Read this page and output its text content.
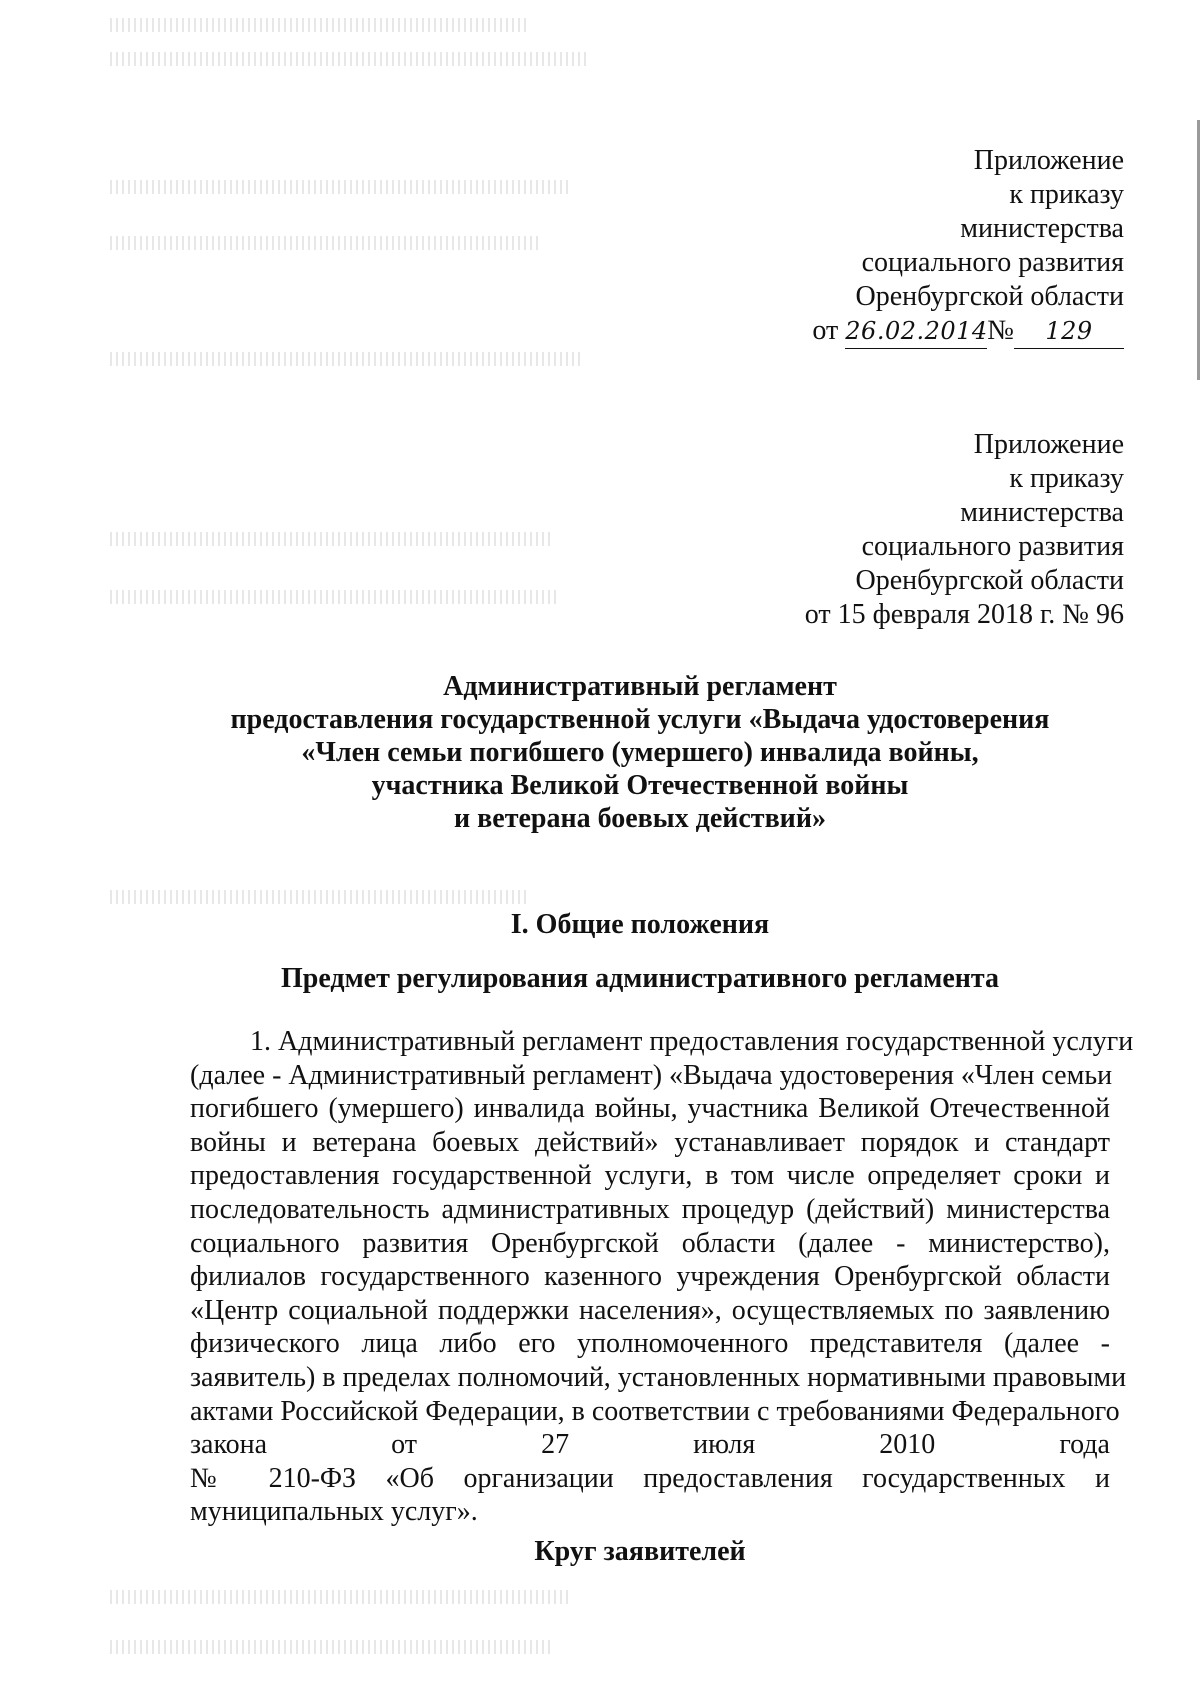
Приложение
к приказу
министерства
социального развития
Оренбургской области
от 26.02.2014№ 129
Приложение
к приказу
министерства
социального развития
Оренбургской области
от 15 февраля 2018 г. № 96
Административный регламент
предоставления государственной услуги «Выдача удостоверения
«Член семьи погибшего (умершего) инвалида войны,
участника Великой Отечественной войны
и ветерана боевых действий»
I. Общие положения
Предмет регулирования административного регламента
1. Административный регламент предоставления государственной услуги
(далее - Административный регламент) «Выдача удостоверения «Член семьи
погибшего (умершего) инвалида войны, участника Великой Отечественной
войны и ветерана боевых действий» устанавливает порядок и стандарт
предоставления государственной услуги, в том числе определяет сроки и
последовательность административных процедур (действий) министерства
социального развития Оренбургской области (далее - министерство),
филиалов государственного казенного учреждения Оренбургской области
«Центр социальной поддержки населения», осуществляемых по заявлению
физического лица либо его уполномоченного представителя (далее -
заявитель) в пределах полномочий, установленных нормативными правовыми
актами Российской Федерации, в соответствии с требованиями Федерального
закона от 27 июля 2010 года
№ 210-ФЗ «Об организации предоставления государственных и
муниципальных услуг».
Круг заявителей
